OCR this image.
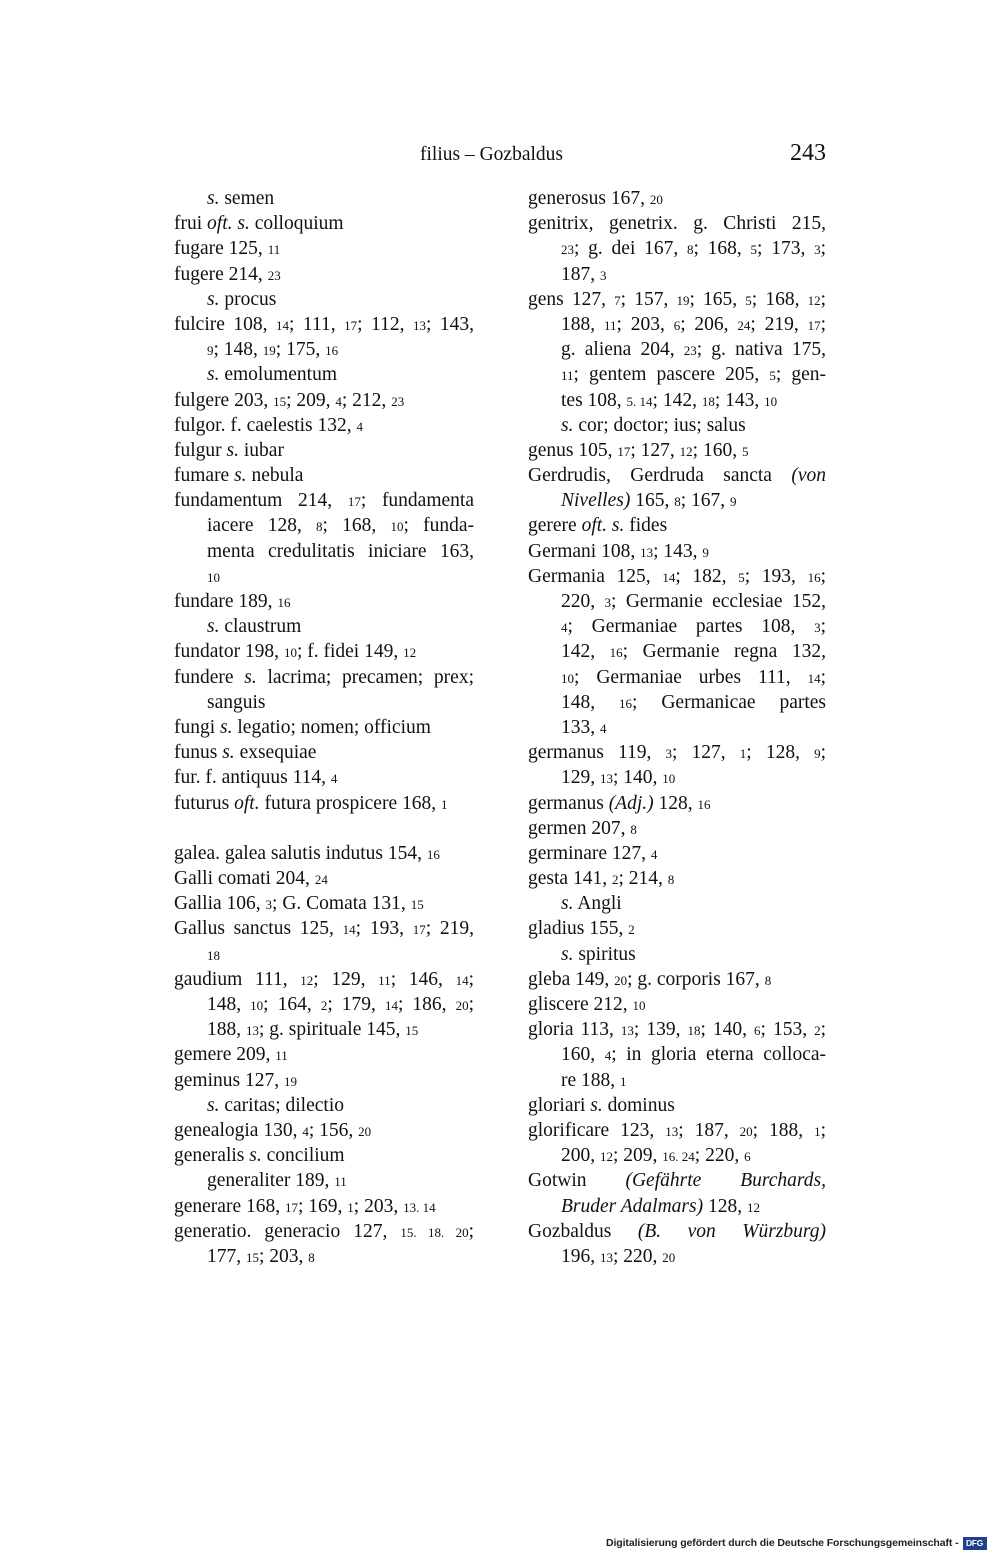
filius – Gozbaldus	243
s. semen
frui oft. s. colloquium
fugare 125, 11
fugere 214, 23
s. procus
fulcire 108, 14; 111, 17; 112, 13; 143,
9; 148, 19; 175, 16
s. emolumentum
fulgere 203, 15; 209, 4; 212, 23
fulgor. f. caelestis 132, 4
fulgur s. iubar
fumare s. nebula
fundamentum 214, 17; fundamenta
iacere 128, 8; 168, 10; funda-
menta credulitatis iniciare 163,
10
fundare 189, 16
s. claustrum
fundator 198, 10; f. fidei 149, 12
fundere s. lacrima; precamen; prex;
sanguis
fungi s. legatio; nomen; officium
funus s. exsequiae
fur. f. antiquus 114, 4
futurus oft. futura prospicere 168, 1
galea. galea salutis indutus 154, 16
Galli comati 204, 24
Gallia 106, 3; G. Comata 131, 15
Gallus sanctus 125, 14; 193, 17; 219,
18
gaudium 111, 12; 129, 11; 146, 14;
148, 10; 164, 2; 179, 14; 186, 20;
188, 13; g. spirituale 145, 15
gemere 209, 11
geminus 127, 19
s. caritas; dilectio
genealogia 130, 4; 156, 20
generalis s. concilium
generaliter 189, 11
generare 168, 17; 169, 1; 203, 13. 14
generatio. generacio 127, 15. 18. 20;
177, 15; 203, 8
generosus 167, 20
genitrix, genetrix. g. Christi 215,
23; g. dei 167, 8; 168, 5; 173, 3;
187, 3
gens 127, 7; 157, 19; 165, 5; 168, 12;
188, 11; 203, 6; 206, 24; 219, 17;
g. aliena 204, 23; g. nativa 175,
11; gentem pascere 205, 5; gen-
tes 108, 5. 14; 142, 18; 143, 10
s. cor; doctor; ius; salus
genus 105, 17; 127, 12; 160, 5
Gerdrudis, Gerdruda sancta (von
Nivelles) 165, 8; 167, 9
gerere oft. s. fides
Germani 108, 13; 143, 9
Germania 125, 14; 182, 5; 193, 16;
220, 3; Germanie ecclesiae 152,
4; Germaniae partes 108, 3;
142, 16; Germanie regna 132,
10; Germaniae urbes 111, 14;
148, 16; Germanicae partes
133, 4
germanus 119, 3; 127, 1; 128, 9;
129, 13; 140, 10
germanus (Adj.) 128, 16
germen 207, 8
germinare 127, 4
gesta 141, 2; 214, 8
s. Angli
gladius 155, 2
s. spiritus
gleba 149, 20; g. corporis 167, 8
gliscere 212, 10
gloria 113, 13; 139, 18; 140, 6; 153, 2;
160, 4; in gloria eterna colloca-
re 188, 1
gloriari s. dominus
glorificare 123, 13; 187, 20; 188, 1;
200, 12; 209, 16. 24; 220, 6
Gotwin (Gefährte Burchards,
Bruder Adalmars) 128, 12
Gozbaldus (B. von Würzburg)
196, 13; 220, 20
Digitalisierung gefördert durch die Deutsche Forschungsgemeinschaft - DFG
